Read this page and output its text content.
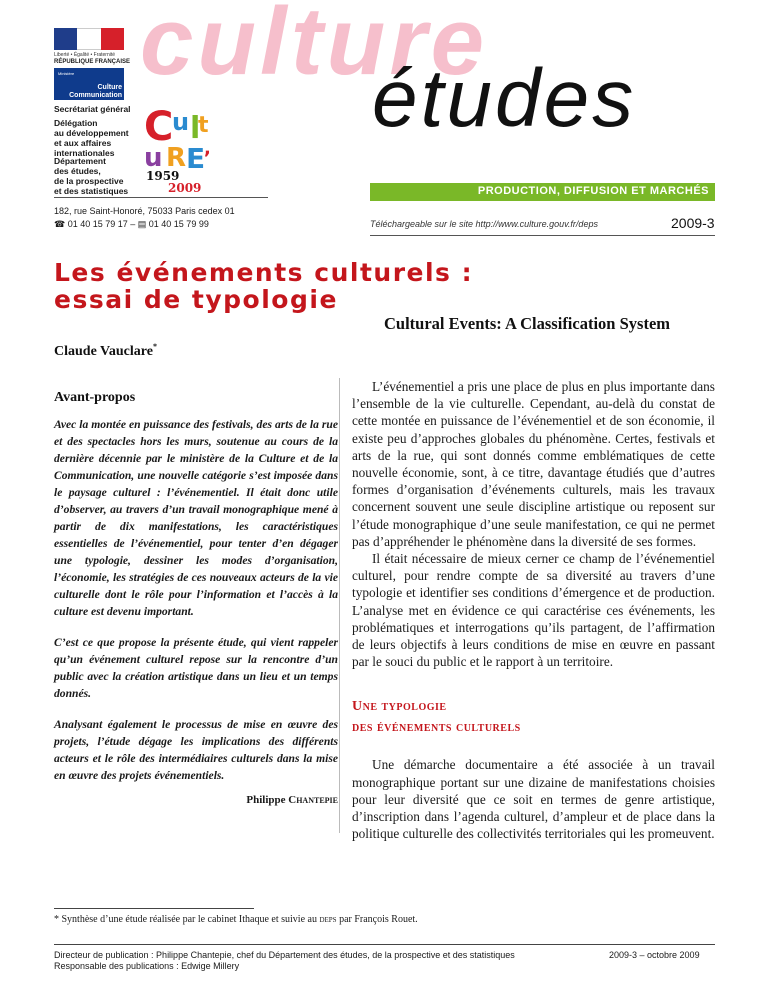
Liberté • Égalité • Fraternité
RÉPUBLIQUE FRANÇAISE
Ministère
Culture
Communication
culture
études
Secrétariat général
Délégation
au développement
et aux affaires
internationales
Département
des études,
de la prospective
et des statistiques
C
u l
t
u R E
,
1959
2009	PRODUCTION, DIFFUSION ET MARCHÉS
182, rue Saint-Honoré, 75033 Paris cedex 01
☎ 01 40 15 79 17 – ▤ 01 40 15 79 99	Téléchargeable sur le site http://www.culture.gouv.fr/deps	2009-3
Les événements culturels :
essai de typologie
Cultural Events: A Classification System
Claude Vauclare*
Avant-propos

Avec la montée en puissance des festivals, des arts de la rue et des spectacles hors les murs, soutenue au cours de la dernière décennie par le ministère de la Culture et de la Communication, une nouvelle catégorie s’est imposée dans le paysage culturel : l’événementiel. Il était donc utile d’observer, au travers d’un travail monographique mené à partir de dix manifestations, les caractéristiques essentielles de l’événementiel, pour tenter d’en dégager une typologie, dessiner les modes d’organisation, l’économie, les stratégies de ces nouveaux acteurs de la vie culturelle dont le rôle pour l’information et l’accès à la culture est devenu important.

C’est ce que propose la présente étude, qui vient rappeler qu’un événement culturel repose sur la rencontre d’un public avec la création artistique dans un lieu et un temps donnés.

Analysant également le processus de mise en œuvre des projets, l’étude dégage les implications des différents acteurs et le rôle des intermédiaires culturels dans la mise en œuvre des projets événementiels.

Philippe Chantepie

L’événementiel a pris une place de plus en plus importante dans l’ensemble de la vie culturelle. Cependant, au-delà du constat de cette montée en puissance de l’événementiel et de son économie, il existe peu d’approches globales du phénomène. Certes, festivals et arts de la rue, qui sont donnés comme emblématiques de cette nouvelle économie, sont, à ce titre, davantage étudiés que d’autres formes d’organisation d’événements culturels, mais les travaux concernent souvent une seule discipline artistique ou reposent sur l’étude monographique d’une seule manifestation, ce qui ne permet pas d’appréhender le phénomène dans la diversité de ses formes.

Il était nécessaire de mieux cerner ce champ de l’événementiel culturel, pour rendre compte de sa diversité au travers d’une typologie et identifier ses conditions d’émergence et de production. L’analyse met en évidence ce qui caractérise ces événements, les problématiques et interrogations qu’ils partagent, de l’affirmation de leurs objectifs à leurs conditions de mise en œuvre en passant par le souci du public et le rapport à un territoire.

Une typologie
des événements culturels

Une démarche documentaire a été associée à un travail monographique portant sur une dizaine de manifestations choisies pour leur diversité que ce soit en termes de genre artistique, d’inscription dans l’agenda culturel, d’ampleur et de place dans la politique culturelle des collectivités territoriales qui les promeuvent.

* Synthèse d’une étude réalisée par le cabinet Ithaque et suivie au deps par François Rouet.
Directeur de publication : Philippe Chantepie, chef du Département des études, de la prospective et des statistiques
Responsable des publications : Edwige Millery
2009-3 – octobre 2009
